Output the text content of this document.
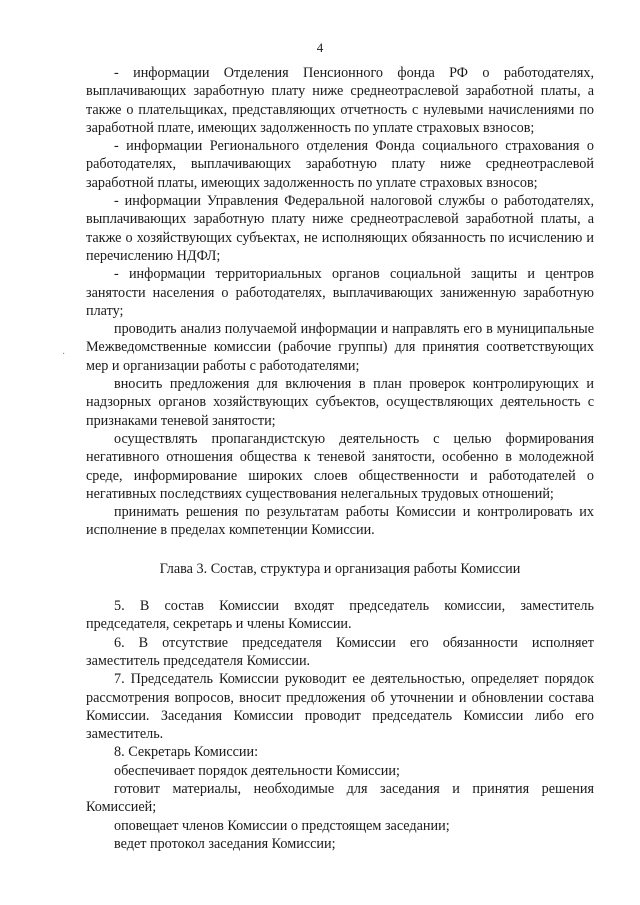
4
·

- информации Отделения Пенсионного фонда РФ о работодателях, выплачивающих заработную плату ниже среднеотраслевой заработной платы, а также о плательщиках, представляющих отчетность с нулевыми начислениями по заработной плате, имеющих задолженность по уплате страховых взносов;

- информации Регионального отделения Фонда социального страхования о работодателях, выплачивающих заработную плату ниже среднеотраслевой заработной платы, имеющих задолженность по уплате страховых взносов;

- информации Управления Федеральной налоговой службы о работодателях, выплачивающих заработную плату ниже среднеотраслевой заработной платы, а также о хозяйствующих субъектах, не исполняющих обязанность по исчислению и перечислению НДФЛ;

- информации территориальных органов социальной защиты и центров занятости населения о работодателях, выплачивающих заниженную заработную плату;

проводить анализ получаемой информации и направлять его в муниципальные Межведомственные комиссии (рабочие группы) для принятия соответствующих мер и организации работы с работодателями;

вносить предложения для включения в план проверок контролирующих и надзорных органов хозяйствующих субъектов, осуществляющих деятельность с признаками теневой занятости;

осуществлять пропагандистскую деятельность с целью формирования негативного отношения общества к теневой занятости, особенно в молодежной среде, информирование широких слоев общественности и работодателей о негативных последствиях существования нелегальных трудовых отношений;

принимать решения по результатам работы Комиссии и контролировать их исполнение в пределах компетенции Комиссии.

Глава 3. Состав, структура и организация работы Комиссии

5. В состав Комиссии входят председатель комиссии, заместитель председателя, секретарь и члены Комиссии.

6. В отсутствие председателя Комиссии его обязанности исполняет заместитель председателя Комиссии.

7. Председатель Комиссии руководит ее деятельностью, определяет порядок рассмотрения вопросов, вносит предложения об уточнении и обновлении состава Комиссии. Заседания Комиссии проводит председатель Комиссии либо его заместитель.

8. Секретарь Комиссии:

обеспечивает порядок деятельности Комиссии;

готовит материалы, необходимые для заседания и принятия решения Комиссией;

оповещает членов Комиссии о предстоящем заседании;

ведет протокол заседания Комиссии;
